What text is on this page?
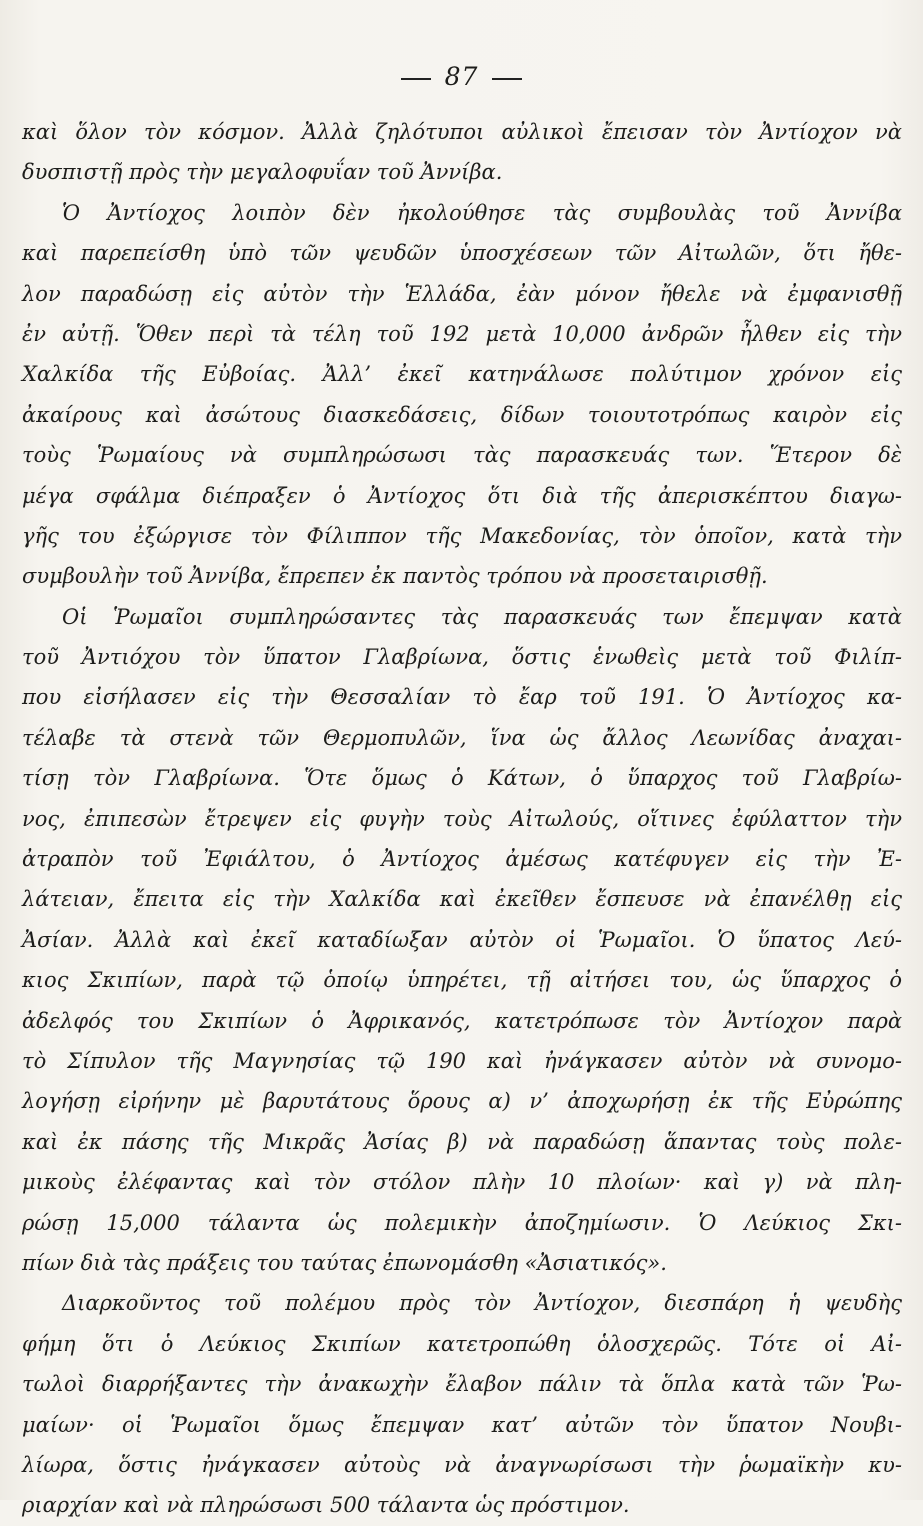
87
καὶ ὅλον τὸν κόσμον. Ἀλλὰ ζηλότυποι αὐλικοὶ ἔπεισαν τὸν Ἀντίοχον νὰ
δυσπιστῇ πρὸς τὴν μεγαλοφυΐαν τοῦ Ἀννίβα.
Ὁ Ἀντίοχος λοιπὸν δὲν ἠκολούθησε τὰς συμβουλὰς τοῦ Ἀννίβα
καὶ παρεπείσθη ὑπὸ τῶν ψευδῶν ὑποσχέσεων τῶν Αἰτωλῶν, ὅτι ἤθε-
λον παραδώσῃ εἰς αὐτὸν τὴν Ἑλλάδα, ἐὰν μόνον ἤθελε νὰ ἐμφανισθῇ
ἐν αὐτῇ. Ὅθεν περὶ τὰ τέλη τοῦ 192 μετὰ 10,000 ἀνδρῶν ἦλθεν εἰς τὴν
Χαλκίδα τῆς Εὐβοίας. Ἀλλ’ ἐκεῖ κατηνάλωσε πολύτιμον χρόνον εἰς
ἀκαίρους καὶ ἀσώτους διασκεδάσεις, δίδων τοιουτοτρόπως καιρὸν εἰς
τοὺς Ῥωμαίους νὰ συμπληρώσωσι τὰς παρασκευάς των. Ἕτερον δὲ
μέγα σφάλμα διέπραξεν ὁ Ἀντίοχος ὅτι διὰ τῆς ἀπερισκέπτου διαγω-
γῆς του ἐξώργισε τὸν Φίλιππον τῆς Μακεδονίας, τὸν ὁποῖον, κατὰ τὴν
συμβουλὴν τοῦ Ἀννίβα, ἔπρεπεν ἐκ παντὸς τρόπου νὰ προσεταιρισθῇ.
Οἱ Ῥωμαῖοι συμπληρώσαντες τὰς παρασκευάς των ἔπεμψαν κατὰ
τοῦ Ἀντιόχου τὸν ὕπατον Γλαβρίωνα, ὅστις ἑνωθεὶς μετὰ τοῦ Φιλίπ-
που εἰσήλασεν εἰς τὴν Θεσσαλίαν τὸ ἔαρ τοῦ 191. Ὁ Ἀντίοχος κα-
τέλαβε τὰ στενὰ τῶν Θερμοπυλῶν, ἵνα ὡς ἄλλος Λεωνίδας ἀναχαι-
τίσῃ τὸν Γλαβρίωνα. Ὅτε ὅμως ὁ Κάτων, ὁ ὕπαρχος τοῦ Γλαβρίω-
νος, ἐπιπεσὼν ἔτρεψεν εἰς φυγὴν τοὺς Αἰτωλούς, οἵτινες ἐφύλαττον τὴν
ἀτραπὸν τοῦ Ἐφιάλτου, ὁ Ἀντίοχος ἀμέσως κατέφυγεν εἰς τὴν Ἐ-
λάτειαν, ἔπειτα εἰς τὴν Χαλκίδα καὶ ἐκεῖθεν ἔσπευσε νὰ ἐπανέλθῃ εἰς
Ἀσίαν. Ἀλλὰ καὶ ἐκεῖ καταδίωξαν αὐτὸν οἱ Ῥωμαῖοι. Ὁ ὕπατος Λεύ-
κιος Σκιπίων, παρὰ τῷ ὁποίῳ ὑπηρέτει, τῇ αἰτήσει του, ὡς ὕπαρχος ὁ
ἀδελφός του Σκιπίων ὁ Ἀφρικανός, κατετρόπωσε τὸν Ἀντίοχον παρὰ
τὸ Σίπυλον τῆς Μαγνησίας τῷ 190 καὶ ἠνάγκασεν αὐτὸν νὰ συνομο-
λογήσῃ εἰρήνην μὲ βαρυτάτους ὅρους α) ν’ ἀποχωρήσῃ ἐκ τῆς Εὐρώπης
καὶ ἐκ πάσης τῆς Μικρᾶς Ἀσίας β) νὰ παραδώσῃ ἅπαντας τοὺς πολε-
μικοὺς ἐλέφαντας καὶ τὸν στόλον πλὴν 10 πλοίων· καὶ γ) νὰ πλη-
ρώσῃ 15,000 τάλαντα ὡς πολεμικὴν ἀποζημίωσιν. Ὁ Λεύκιος Σκι-
πίων διὰ τὰς πράξεις του ταύτας ἐπωνομάσθη «Ἀσιατικός».
Διαρκοῦντος τοῦ πολέμου πρὸς τὸν Ἀντίοχον, διεσπάρη ἡ ψευδὴς
φήμη ὅτι ὁ Λεύκιος Σκιπίων κατετροπώθη ὁλοσχερῶς. Τότε οἱ Αἰ-
τωλοὶ διαρρήξαντες τὴν ἀνακωχὴν ἔλαβον πάλιν τὰ ὅπλα κατὰ τῶν Ῥω-
μαίων· οἱ Ῥωμαῖοι ὅμως ἔπεμψαν κατ’ αὐτῶν τὸν ὕπατον Νουβι-
λίωρα, ὅστις ἠνάγκασεν αὐτοὺς νὰ ἀναγνωρίσωσι τὴν ῥωμαϊκὴν κυ-
ριαρχίαν καὶ νὰ πληρώσωσι 500 τάλαντα ὡς πρόστιμον.
